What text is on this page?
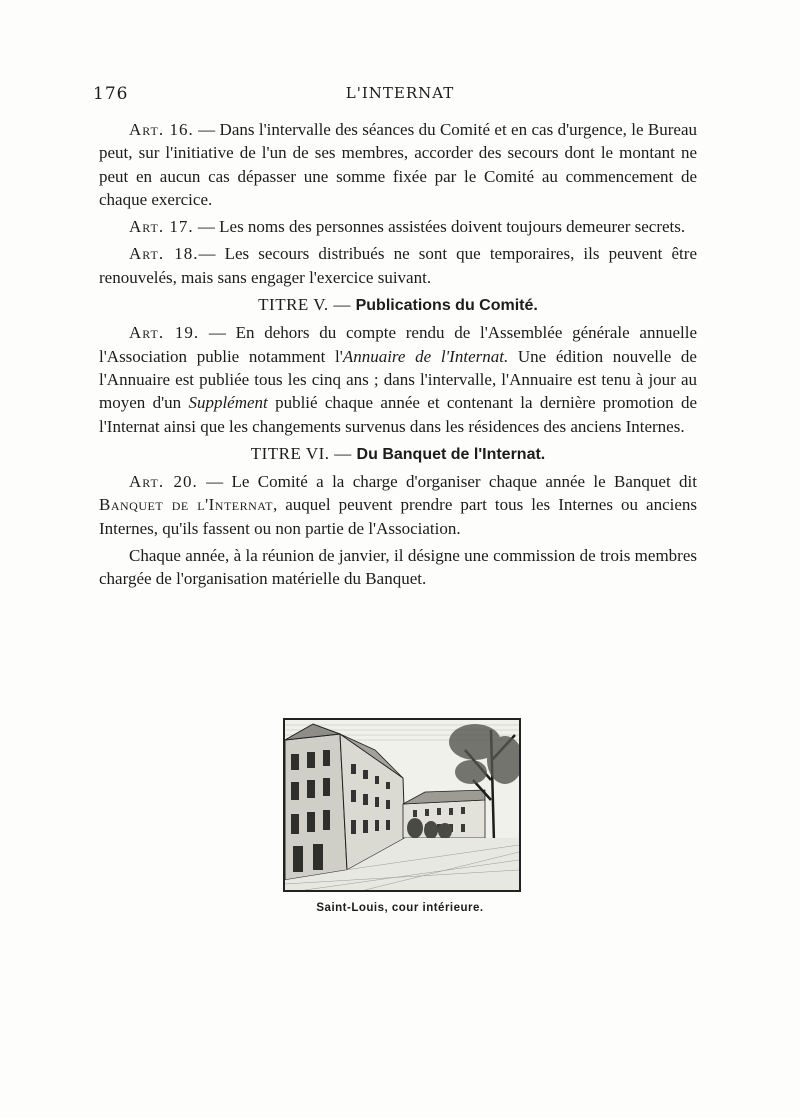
176	L'INTERNAT

Art. 16. — Dans l'intervalle des séances du Comité et en cas d'urgence, le Bureau peut, sur l'initiative de l'un de ses membres, accorder des secours dont le montant ne peut en aucun cas dépasser une somme fixée par le Comité au commencement de chaque exercice.

Art. 17. — Les noms des personnes assistées doivent toujours demeurer secrets.

Art. 18.— Les secours distribués ne sont que temporaires, ils peuvent être renouvelés, mais sans engager l'exercice suivant.

TITRE V. — Publications du Comité.

Art. 19. — En dehors du compte rendu de l'Assemblée générale annuelle l'Association publie notamment l'Annuaire de l'Internat. Une édition nouvelle de l'Annuaire est publiée tous les cinq ans ; dans l'intervalle, l'Annuaire est tenu à jour au moyen d'un Supplément publié chaque année et contenant la dernière promotion de l'Internat ainsi que les changements survenus dans les résidences des anciens Internes.

TITRE VI. — Du Banquet de l'Internat.

Art. 20. — Le Comité a la charge d'organiser chaque année le Banquet dit Banquet de l'Internat, auquel peuvent prendre part tous les Internes ou anciens Internes, qu'ils fassent ou non partie de l'Association.

Chaque année, à la réunion de janvier, il désigne une commission de trois membres chargée de l'organisation matérielle du Banquet.

Saint-Louis, cour intérieure.
